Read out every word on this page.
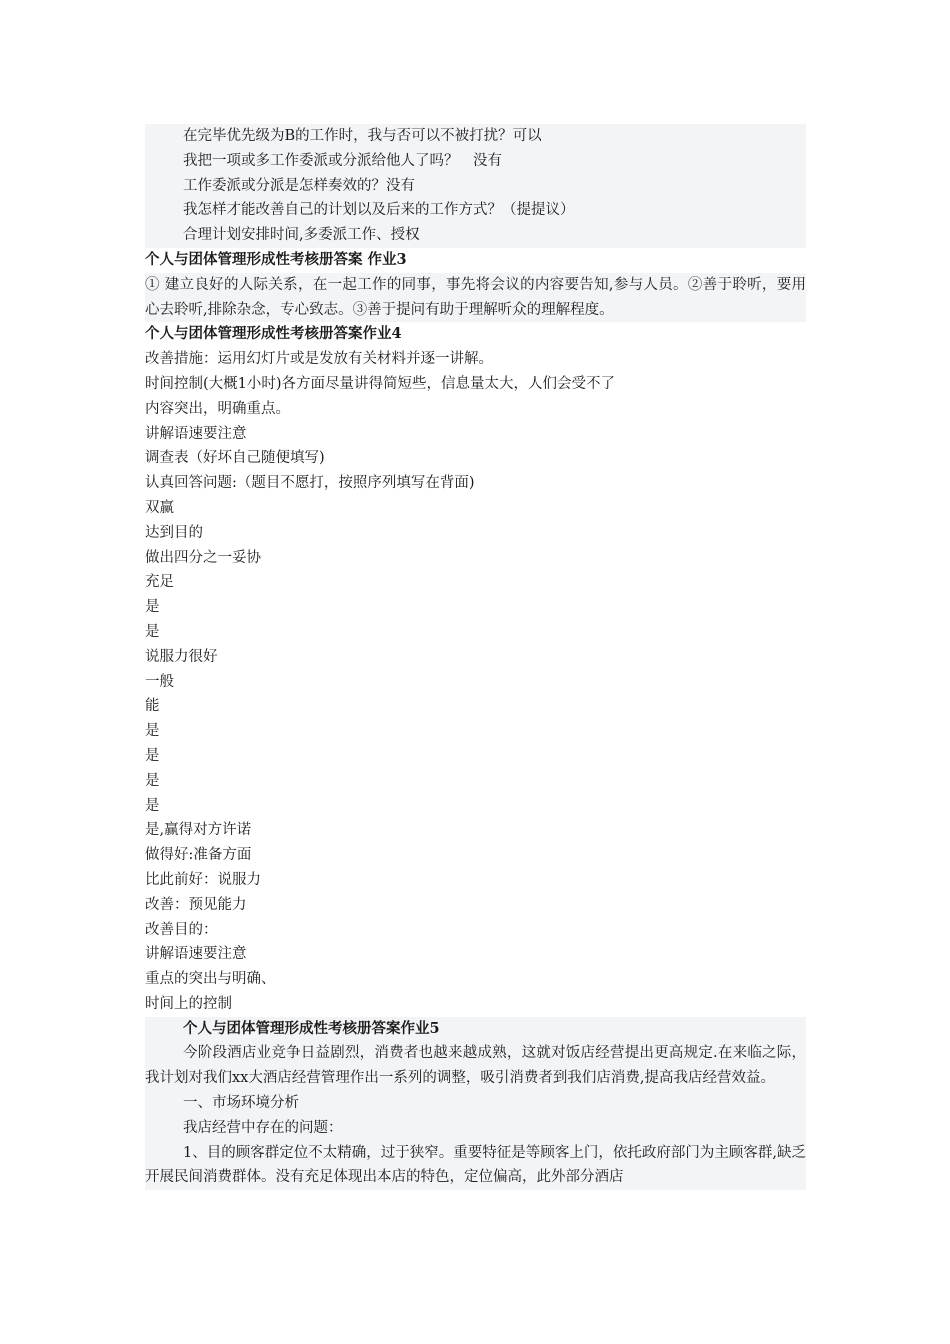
在完毕优先级为B的工作时，我与否可以不被打扰？可以
我把一项或多工作委派或分派给他人了吗？　没有
工作委派或分派是怎样奏效的？没有
我怎样才能改善自己的计划以及后来的工作方式？（提提议）
合理计划安排时间,多委派工作、授权
个人与团体管理形成性考核册答案 作业3
① 建立良好的人际关系，在一起工作的同事，事先将会议的内容要告知,参与人员。②善于聆听，要用心去聆听,排除杂念，专心致志。③善于提问有助于理解听众的理解程度。
个人与团体管理形成性考核册答案作业4
改善措施：运用幻灯片或是发放有关材料并逐一讲解。
时间控制(大概1小时)各方面尽量讲得简短些，信息量太大，人们会受不了
内容突出，明确重点。
讲解语速要注意
调查表（好坏自己随便填写)
认真回答问题:（题目不愿打，按照序列填写在背面)
双赢
达到目的
做出四分之一妥协
充足
是
是
说服力很好
一般
能
是
是
是
是
是,赢得对方许诺
做得好:准备方面
比此前好：说服力
改善：预见能力
改善目的：
讲解语速要注意
重点的突出与明确、
时间上的控制
个人与团体管理形成性考核册答案作业5
今阶段酒店业竞争日益剧烈，消费者也越来越成熟，这就对饭店经营提出更高规定.在来临之际，我计划对我们xx大酒店经营管理作出一系列的调整，吸引消费者到我们店消费,提高我店经营效益。
一、市场环境分析
我店经营中存在的问题：
1、目的顾客群定位不太精确，过于狭窄。重要特征是等顾客上门，依托政府部门为主顾客群,缺乏开展民间消费群体。没有充足体现出本店的特色，定位偏高，此外部分酒店
